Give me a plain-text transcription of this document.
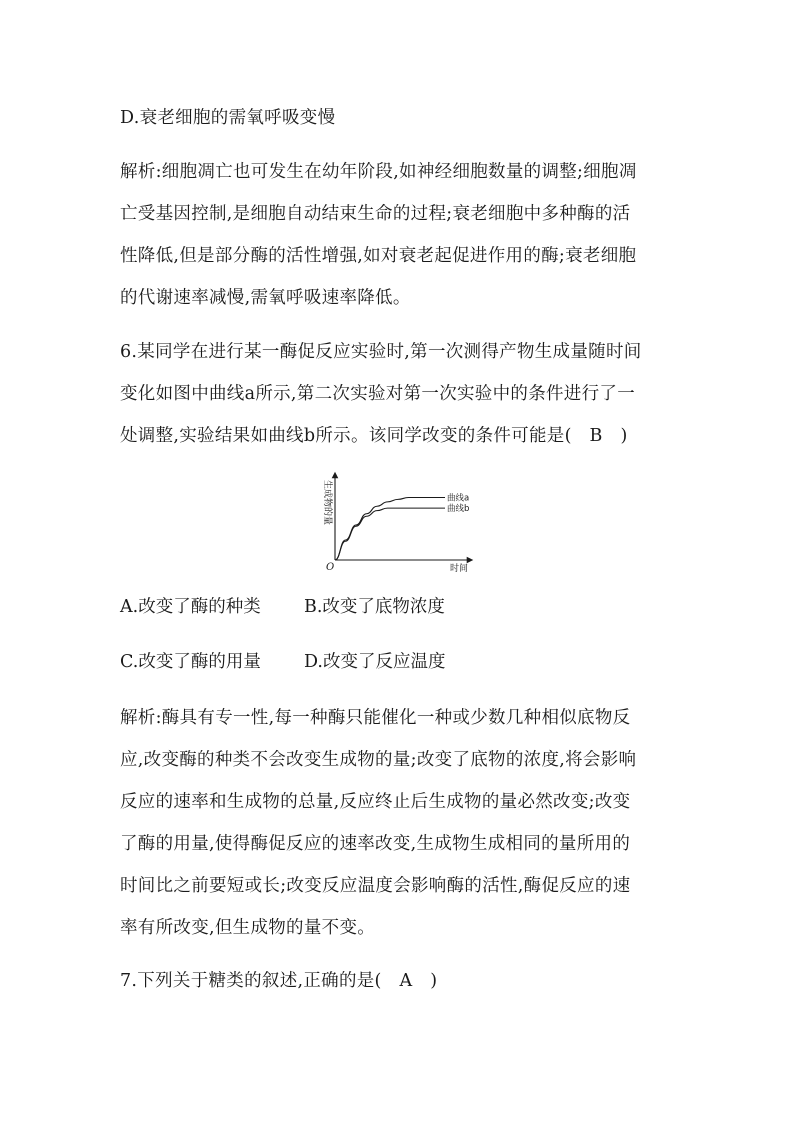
D.衰老细胞的需氧呼吸变慢
解析:细胞凋亡也可发生在幼年阶段,如神经细胞数量的调整;细胞凋
亡受基因控制,是细胞自动结束生命的过程;衰老细胞中多种酶的活
性降低,但是部分酶的活性增强,如对衰老起促进作用的酶;衰老细胞
的代谢速率减慢,需氧呼吸速率降低。
6.某同学在进行某一酶促反应实验时,第一次测得产物生成量随时间
变化如图中曲线a所示,第二次实验对第一次实验中的条件进行了一
处调整,实验结果如曲线b所示。该同学改变的条件可能是(　B　)
生成物的量
时间
O
曲线a
曲线b
A.改变了酶的种类 B.改变了底物浓度
C.改变了酶的用量 D.改变了反应温度
解析:酶具有专一性,每一种酶只能催化一种或少数几种相似底物反
应,改变酶的种类不会改变生成物的量;改变了底物的浓度,将会影响
反应的速率和生成物的总量,反应终止后生成物的量必然改变;改变
了酶的用量,使得酶促反应的速率改变,生成物生成相同的量所用的
时间比之前要短或长;改变反应温度会影响酶的活性,酶促反应的速
率有所改变,但生成物的量不变。
7.下列关于糖类的叙述,正确的是(　A　)
